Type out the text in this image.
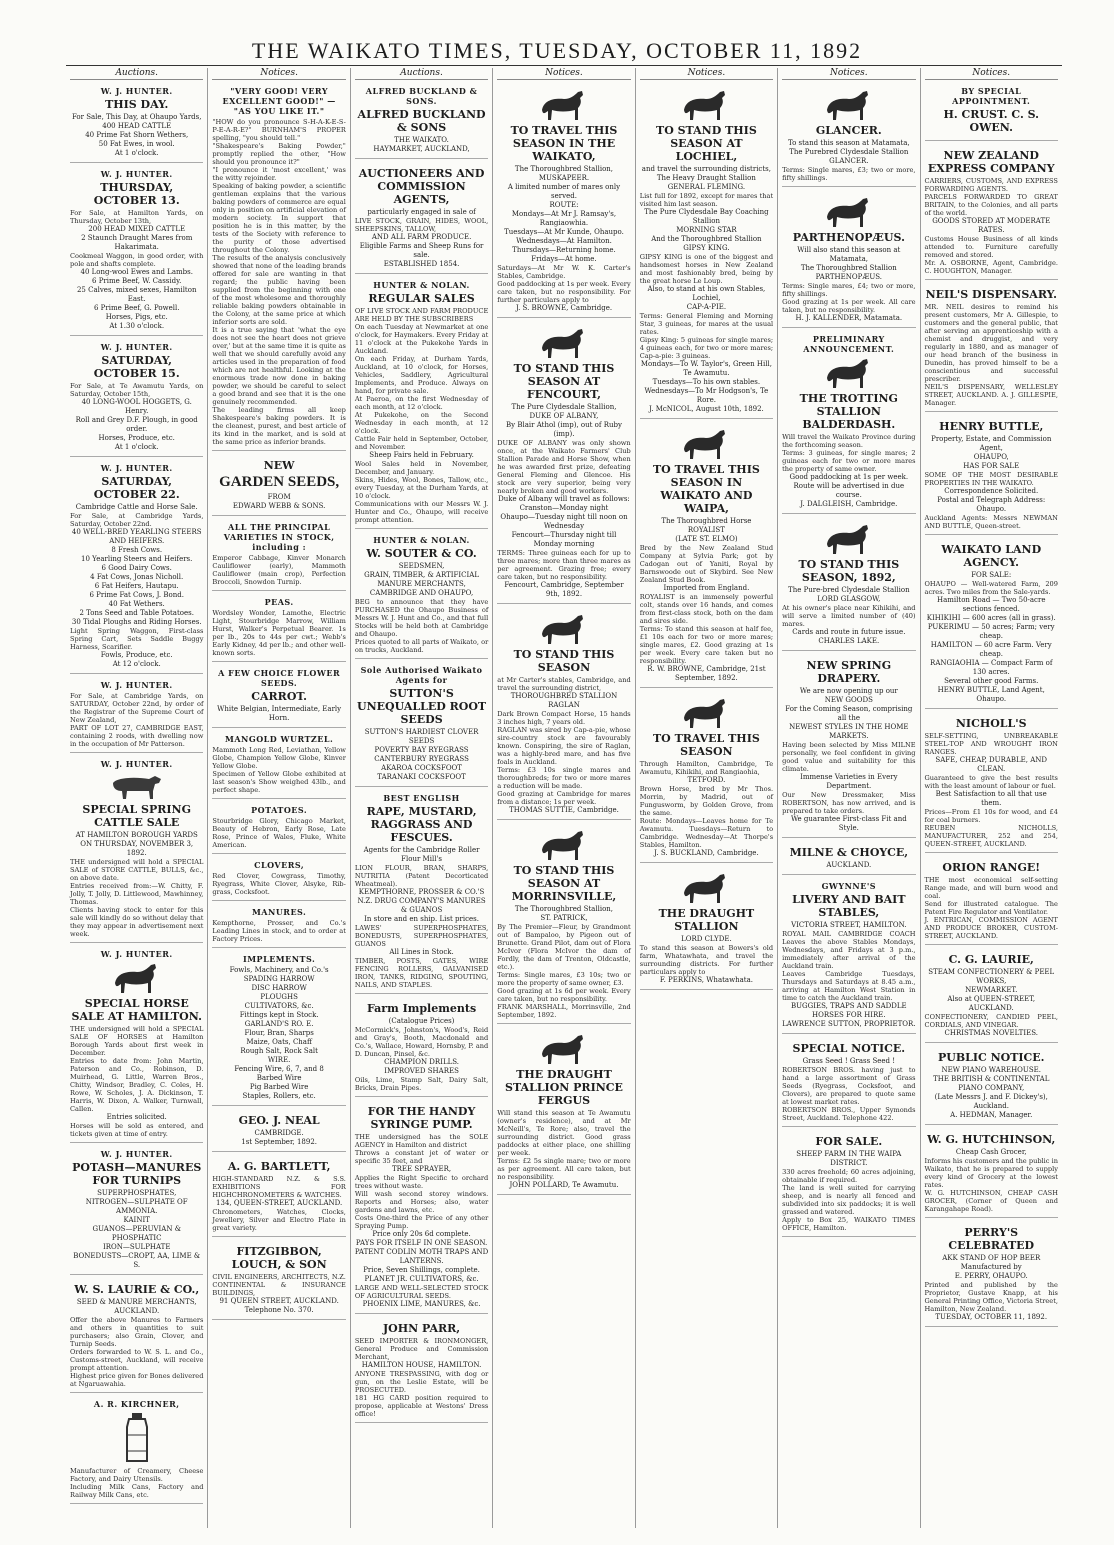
THE WAIKATO TIMES, TUESDAY, OCTOBER 11, 1892
Auctions.
W. J. HUNTER.
THIS DAY.
For Sale, This Day, at Ohaupo Yards,
400 HEAD CATTLE
40 Prime Fat Shorn Wethers,
50 Fat Ewes, in wool.
At 1 o'clock.
W. J. HUNTER.
THURSDAY, OCTOBER 13.
For Sale, at Hamilton Yards, on Thursday, October 13th,
200 HEAD MIXED CATTLE
2 Staunch Draught Mares from Hakarimata.
Cookmeal Waggon, in good order, with pole and shafts complete.
40 Long-wool Ewes and Lambs.
6 Prime Beef, W. Cassidy.
25 Calves, mixed sexes, Hamilton East.
6 Prime Beef, G. Powell.
Horses, Pigs, etc.
At 1.30 o'clock.
W. J. HUNTER.
SATURDAY, OCTOBER 15.
For Sale, at Te Awamutu Yards, on Saturday, October 15th,
40 LONG-WOOL HOGGETS, G. Henry.
Roll and Grey D.F. Plough, in good order.
Horses, Produce, etc.
At 1 o'clock.
W. J. HUNTER.
SATURDAY, OCTOBER 22.
Cambridge Cattle and Horse Sale.
For Sale, at Cambridge Yards, Saturday, October 22nd.
40 WELL-BRED YEARLING STEERS AND HEIFERS.
8 Fresh Cows.
10 Yearling Steers and Heifers.
6 Good Dairy Cows.
4 Fat Cows, Jonas Nicholl.
6 Fat Heifers, Hautapu.
6 Prime Fat Cows, J. Bond.
40 Fat Wethers.
2 Tons Seed and Table Potatoes.
30 Tidal Ploughs and Riding Horses.
Light Spring Waggon, First-class Spring Cart, Sets Saddle Buggy Harness, Scarifier.
Fowls, Produce, etc.
At 12 o'clock.
W. J. HUNTER.
For Sale, at Cambridge Yards, on SATURDAY, October 22nd, by order of the Registrar of the Supreme Court of New Zealand,
PART OF LOT 27, CAMBRIDGE EAST, containing 2 roods, with dwelling now in the occupation of Mr Patterson.
W. J. HUNTER.
SPECIAL SPRING CATTLE SALE
AT HAMILTON BOROUGH YARDS
ON THURSDAY, NOVEMBER 3, 1892.
THE undersigned will hold a SPECIAL SALE of STORE CATTLE, BULLS, &c., on above date.
Entries received from:—W. Chitty, F. Jolly, T. Jolly, D. Littlewood, Mawhinney, Thomas.
Clients having stock to enter for this sale will kindly do so without delay that they may appear in advertisement next week.
W. J. HUNTER.
SPECIAL HORSE SALE AT HAMILTON.
THE undersigned will hold a SPECIAL SALE OF HORSES at Hamilton Borough Yards about first week in December.
Entries to date from: John Martin, Paterson and Co., Robinson, D. Muirhead, G. Little, Warren Bros., Chitty, Windsor, Bradley, C. Coles, H. Rowe, W. Scholes, J. A. Dickinson, T. Harris, W. Dixon, A. Walker, Turnwall, Callen.
Entries solicited.
Horses will be sold as entered, and tickets given at time of entry.
W. J. HUNTER.
POTASH—MANURES FOR TURNIPS
SUPERPHOSPHATES,
NITROGEN—SULPHATE OF AMMONIA.
KAINIT
GUANOS—PERUVIAN & PHOSPHATIC
IRON—SULPHATE
BONEDUSTS—CROPT, AA, LIME & S.
W. S. LAURIE & CO.,
SEED & MANURE MERCHANTS, AUCKLAND.
Offer the above Manures to Farmers and others in quantities to suit purchasers; also Grain, Clover, and Turnip Seeds.
Orders forwarded to W. S. L. and Co., Customs-street, Auckland, will receive prompt attention.
Highest price given for Bones delivered at Ngaruawahia.
A. R. KIRCHNER,
Manufacturer of Creamery, Cheese Factory, and Dairy Utensils.
Including Milk Cans, Factory and Railway Milk Cans, etc.
Notices.
"VERY GOOD! VERY EXCELLENT GOOD!" — "AS YOU LIKE IT."
"HOW do you pronounce S-H-A-K-E-S-P-E-A-R-E?" BURNHAM'S PROPER spelling, "you should tell."
"Shakespeare's Baking Powder," promptly replied the other, "How should you pronounce it?"
"I pronounce it 'most excellent,' was the witty rejoinder.
Speaking of baking powder, a scientific gentleman explains that the various baking powders of commerce are equal only in position on artificial elevation of modern society. In support that position he is in this matter, by the tests of the Society with reference to the purity of those advertised throughout the Colony.
The results of the analysis conclusively showed that none of the leading brands offered for sale are wanting in that regard; the public having been supplied from the beginning with one of the most wholesome and thoroughly reliable baking powders obtainable in the Colony, at the same price at which inferior sorts are sold.
It is a true saying that 'what the eye does not see the heart does not grieve over,' but at the same time it is quite as well that we should carefully avoid any articles used in the preparation of food which are not healthful. Looking at the enormous trade now done in baking powder, we should be careful to select a good brand and see that it is the one genuinely recommended.
The leading firms all keep Shakespeare's baking powders. It is the cleanest, purest, and best article of its kind in the market, and is sold at the same price as inferior brands.
NEW
GARDEN SEEDS,
FROM
EDWARD WEBB & SONS.
ALL THE PRINCIPAL VARIETIES IN STOCK, including :
Emperor Cabbage, Kinver Monarch Cauliflower (early), Mammoth Cauliflower (main crop), Perfection Broccoli, Snowdon Turnip.
PEAS.
Wordsley Wonder, Lamothe, Electric Light, Stourbridge Marrow, William Hurst, Walker's Perpetual Bearer. 1s per lb., 20s to 44s per cwt.; Webb's Early Kidney, 4d per lb.; and other well-known sorts.
A FEW CHOICE FLOWER SEEDS.
CARROT.
White Belgian, Intermediate, Early Horn.
MANGOLD WURTZEL.
Mammoth Long Red, Leviathan, Yellow Globe, Champion Yellow Globe, Kinver Yellow Globe.
Specimen of Yellow Globe exhibited at last season's Show weighed 43lb., and perfect shape.
POTATOES.
Stourbridge Glory, Chicago Market, Beauty of Hebron, Early Rose, Late Rose, Prince of Wales, Fluke, White American.
CLOVERS,
Red Clover, Cowgrass, Timothy, Ryegrass, White Clover, Alsyke, Rib-grass, Cocksfoot.
MANURES.
Kempthorne, Prosser, and Co.'s Leading Lines in stock, and to order at Factory Prices.
IMPLEMENTS.
Fowls, Machinery, and Co.'s
SPADING HARROW
DISC HARROW
PLOUGHS
CULTIVATORS, &c.
Fittings kept in Stock.
GARLAND'S RO. E.
Flour, Bran, Sharps
Maize, Oats, Chaff
Rough Salt, Rock Salt
WIRE.
Fencing Wire, 6, 7, and 8
Barbed Wire
Pig Barbed Wire
Staples, Rollers, etc.
GEO. J. NEAL
CAMBRIDGE.
1st September, 1892.
A. G. BARTLETT,
HIGH-STANDARD N.Z. & S.S. EXHIBITIONS FOR HIGHCHRONOMETERS & WATCHES.
134, QUEEN-STREET, AUCKLAND.
Chronometers, Watches, Clocks, Jewellery, Silver and Electro Plate in great variety.
FITZGIBBON, LOUCH, & SON
CIVIL ENGINEERS, ARCHITECTS, N.Z. CONTINENTAL & INSURANCE BUILDINGS,
91 QUEEN STREET, AUCKLAND.
Telephone No. 370.
Auctions.
ALFRED BUCKLAND & SONS.
ALFRED BUCKLAND & SONS
THE WAIKATO.
HAYMARKET, AUCKLAND,
AUCTIONEERS AND COMMISSION AGENTS,
particularly engaged in sale of
LIVE STOCK, GRAIN, HIDES, WOOL, SHEEPSKINS, TALLOW,
AND ALL FARM PRODUCE.
Eligible Farms and Sheep Runs for sale.
ESTABLISHED 1854.
HUNTER & NOLAN.
REGULAR SALES
OF LIVE STOCK AND FARM PRODUCE ARE HELD BY THE SUBSCRIBERS
On each Tuesday at Newmarket at one o'clock, for Haymakers. Every Friday at 11 o'clock at the Pukekohe Yards in Auckland.
On each Friday, at Durham Yards, Auckland, at 10 o'clock, for Horses, Vehicles, Saddlery, Agricultural Implements, and Produce. Always on hand, for private sale.
At Paeroa, on the first Wednesday of each month, at 12 o'clock.
At Pukekohe, on the Second Wednesday in each month, at 12 o'clock.
Cattle Fair held in September, October, and November.
Sheep Fairs held in February.
Wool Sales held in November, December, and January.
Skins, Hides, Wool, Bones, Tallow, etc., every Tuesday, at the Durham Yards, at 10 o'clock.
Communications with our Messrs W. J. Hunter and Co., Ohaupo, will receive prompt attention.
HUNTER & NOLAN.
W. SOUTER & CO.
SEEDSMEN,
GRAIN, TIMBER, & ARTIFICIAL MANURE MERCHANTS,
CAMBRIDGE AND OHAUPO,
BEG to announce that they have PURCHASED the Ohaupo Business of Messrs W. J. Hunt and Co., and that full Stocks will be held both at Cambridge and Ohaupo.
Prices quoted to all parts of Waikato, or on trucks, Auckland.
Sole Authorised Waikato Agents for
SUTTON'S UNEQUALLED ROOT SEEDS
SUTTON'S HARDIEST CLOVER SEEDS
POVERTY BAY RYEGRASS
CANTERBURY RYEGRASS
AKAROA COCKSFOOT
TARANAKI COCKSFOOT
BEST ENGLISH
RAPE, MUSTARD, RAGGRASS AND FESCUES.
Agents for the Cambridge Roller Flour Mill's
LION FLOUR, BRAN, SHARPS, NUTRITIA (Patent Decorticated Wheatmeal).
KEMPTHORNE, PROSSER & CO.'S
N.Z. DRUG COMPANY'S MANURES & GUANOS
In store and en ship. List prices.
LAWES' SUPERPHOSPHATES, BONEDUSTS, SUPERPHOSPHATES, GUANOS
All Lines in Stock.
TIMBER, POSTS, GATES, WIRE FENCING ROLLERS, GALVANISED IRON, TANKS, RIDGING, SPOUTING, NAILS, AND STAPLES.
Farm Implements
(Catalogue Prices)
McCormick's, Johnston's, Wood's, Reid and Gray's, Booth, Macdonald and Co.'s, Wallace, Howard, Hornsby, P. and D. Duncan, Pinsel, &c.
CHAMPION DRILLS.
IMPROVED SHARES
Oils, Lime, Stamp Salt, Dairy Salt, Bricks, Drain Pipes.
FOR THE HANDY SYRINGE PUMP.
THE undersigned has the SOLE AGENCY in Hamilton and district
Throws a constant jet of water or specific 35 feet, and
TREE SPRAYER,
Applies the Right Specific to orchard trees without waste.
Will wash second storey windows. Reports and Horses; also, water gardens and lawns, etc.
Costs One-third the Price of any other Spraying Pump.
Price only 20s 6d complete.
PAYS FOR ITSELF IN ONE SEASON.
PATENT CODLIN MOTH TRAPS AND LANTERNS.
Price, Seven Shillings, complete.
PLANET JR. CULTIVATORS, &c.
LARGE AND WELL-SELECTED STOCK OF AGRICULTURAL SEEDS.
PHOENIX LIME, MANURES, &c.
JOHN PARR,
SEED IMPORTER & IRONMONGER, General Produce and Commission Merchant,
HAMILTON HOUSE, HAMILTON.
ANYONE TRESPASSING, with dog or gun, on the Leslie Estate, will be PROSECUTED.
181 HG CARD position required to propose, applicable at Westons' Dress office!
Notices.
TO TRAVEL THIS SEASON IN THE WAIKATO,
The Thoroughbred Stallion,
MUSKAPEER.
A limited number of mares only served.
ROUTE:
Mondays—At Mr J. Ramsay's, Rangiaowhia.
Tuesdays—At Mr Kunde, Ohaupo.
Wednesdays—At Hamilton.
Thursdays—Returning home.
Fridays—At home.
Saturdays—At Mr W. K. Carter's Stables, Cambridge.
Good paddocking at 1s per week. Every care taken, but no responsibility. For further particulars apply to
J. S. BROWNE, Cambridge.
TO STAND THIS SEASON AT FENCOURT,
The Pure Clydesdale Stallion,
DUKE OF ALBANY,
By Blair Athol (imp), out of Ruby (imp).
DUKE OF ALBANY was only shown once, at the Waikato Farmers' Club Stallion Parade and Horse Show, when he was awarded first prize, defeating General Fleming and Glencoe. His stock are very superior, being very nearly broken and good workers.
Duke of Albany will travel as follows:
Cranston—Monday night
Ohaupo—Tuesday night till noon on Wednesday
Fencourt—Thursday night till Monday morning
TERMS: Three guineas each for up to three mares; more than three mares as per agreement. Grazing free; every care taken, but no responsibility.
Fencourt, Cambridge, September 9th, 1892.
TO STAND THIS SEASON
at Mr Carter's stables, Cambridge, and travel the surrounding district,
THOROUGHBRED STALLION
RAGLAN
Dark Brown Compact Horse, 15 hands 3 inches high, 7 years old.
RAGLAN was sired by Cap-a-pie, whose sire-country stock are favourably known. Conspiring, the sire of Raglan, was a highly-bred mare, and has five foals in Auckland.
Terms: £3 10s single mares and thoroughbreds; for two or more mares a reduction will be made.
Good grazing at Cambridge for mares from a distance; 1s per week.
THOMAS SUTTIE, Cambridge.
TO STAND THIS SEASON AT MORRINSVILLE,
The Thoroughbred Stallion,
ST. PATRICK,
By The Premier—Fleur, by Grandmont out of Bampaloo, by Pigeon out of Brunette. Grand Pilot, dam out of Flora McIvor (Flora McIvor the dam of Fordly, the dam of Trenton, Oldcastle, etc.).
Terms: Single mares, £3 10s; two or more the property of same owner, £3.
Good grazing at 1s 6d per week. Every care taken, but no responsibility.
FRANK MARSHALL, Morrinsville, 2nd September, 1892.
THE DRAUGHT STALLION PRINCE FERGUS
Will stand this season at Te Awamutu (owner's residence), and at Mr McNeill's, Te Rore; also, travel the surrounding district. Good grass paddocks at either place, one shilling per week.
Terms: £2 5s single mare; two or more as per agreement. All care taken, but no responsibility.
JOHN POLLARD, Te Awamutu.
Notices.
TO STAND THIS SEASON AT LOCHIEL,
and travel the surrounding districts,
The Heavy Draught Stallion
GENERAL FLEMING.
List full for 1892, except for mares that visited him last season.
The Pure Clydesdale Bay Coaching Stallion
MORNING STAR
And the Thoroughbred Stallion
GIPSY KING.
GIPSY KING is one of the biggest and handsomest horses in New Zealand and most fashionably bred, being by the great horse Le Loup.
Also, to stand at his own Stables, Lochiel,
CAP-A-PIE.
Terms: General Fleming and Morning Star, 3 guineas, for mares at the usual rates.
Gipsy King: 5 guineas for single mares; 4 guineas each, for two or more mares; Cap-a-pie: 3 guineas.
Mondays—To W. Taylor's, Green Hill, Te Awamutu.
Tuesdays—To his own stables.
Wednesdays—To Mr Hodgson's, Te Rore.
J. McNICOL, August 10th, 1892.
TO TRAVEL THIS SEASON IN WAIKATO AND WAIPA,
The Thoroughbred Horse
ROYALIST
(LATE ST. ELMO)
Bred by the New Zealand Stud Company at Sylvia Park; got by Cadogan out of Yaniti, Royal by Barnswoode out of Skybird. See New Zealand Stud Book.
Imported from England.
ROYALIST is an immensely powerful colt, stands over 16 hands, and comes from first-class stock, both on the dam and sires side.
Terms: To stand this season at half fee, £1 10s each for two or more mares; single mares, £2. Good grazing at 1s per week. Every care taken but no responsibility.
R. W. BROWNE, Cambridge, 21st September, 1892.
TO TRAVEL THIS SEASON
Through Hamilton, Cambridge, Te Awamutu, Kihikihi, and Rangiaohia,
TETFORD.
Brown Horse, bred by Mr Thos. Morrin, by Madrid, out of Fungusworm, by Golden Grove, from the same.
Route: Mondays—Leaves home for Te Awamutu. Tuesdays—Return to Cambridge. Wednesday—At Thorpe's Stables, Hamilton.
J. S. BUCKLAND, Cambridge.
THE DRAUGHT STALLION
LORD CLYDE.
To stand this season at Bowers's old farm, Whatawhata, and travel the surrounding districts. For further particulars apply to
F. PERKINS, Whatawhata.
Notices.
GLANCER.
To stand this season at Matamata,
The Purebred Clydesdale Stallion
GLANCER.
Terms: Single mares, £3; two or more, fifty shillings.
PARTHENOPÆUS.
Will also stand this season at Matamata,
The Thoroughbred Stallion
PARTHENOPÆUS.
Terms: Single mares, £4; two or more, fifty shillings.
Good grazing at 1s per week. All care taken, but no responsibility.
H. J. KALLENDER, Matamata.
PRELIMINARY ANNOUNCEMENT.
THE TROTTING STALLION BALDERDASH.
Will travel the Waikato Province during the forthcoming season.
Terms: 3 guineas, for single mares; 2 guineas each for two or more mares the property of same owner.
Good paddocking at 1s per week.
Route will be advertised in due course.
J. DALGLEISH, Cambridge.
TO STAND THIS SEASON, 1892,
The Pure-bred Clydesdale Stallion
LORD GLASGOW,
At his owner's place near Kihikihi, and will serve a limited number of (40) mares.
Cards and route in future issue.
CHARLES LAKE.
NEW SPRING DRAPERY.
We are now opening up our
NEW GOODS
For the Coming Season, comprising all the
NEWEST STYLES IN THE HOME MARKETS.
Having been selected by Miss MILNE personally, we feel confident in giving good value and suitability for this climate.
Immense Varieties in Every Department.
Our New Dressmaker, Miss ROBERTSON, has now arrived, and is prepared to take orders.
We guarantee First-class Fit and Style.
MILNE & CHOYCE,
AUCKLAND.
GWYNNE'S
LIVERY AND BAIT STABLES,
VICTORIA STREET, HAMILTON.
ROYAL MAIL CAMBRIDGE COACH Leaves the above Stables Mondays, Wednesdays, and Fridays at 3 p.m., immediately after arrival of the Auckland train.
Leaves Cambridge Tuesdays, Thursdays and Saturdays at 8.45 a.m., arriving at Hamilton West Station in time to catch the Auckland train.
BUGGIES, TRAPS AND SADDLE HORSES FOR HIRE.
LAWRENCE SUTTON, PROPRIETOR.
SPECIAL NOTICE.
Grass Seed ! Grass Seed !
ROBERTSON BROS. having just to hand a large assortment of Grass Seeds (Ryegrass, Cocksfoot, and Clovers), are prepared to quote same at lowest market rates.
ROBERTSON BROS., Upper Symonds Street, Auckland. Telephone 422.
FOR SALE.
SHEEP FARM IN THE WAIPA DISTRICT.
330 acres freehold; 60 acres adjoining, obtainable if required.
The land is well suited for carrying sheep, and is nearly all fenced and subdivided into six paddocks; it is well grassed and watered.
Apply to Box 25, WAIKATO TIMES OFFICE, Hamilton.
Notices.
BY SPECIAL APPOINTMENT.
H. CRUST. C. S. OWEN.
NEW ZEALAND EXPRESS COMPANY
CARRIERS, CUSTOMS, AND EXPRESS FORWARDING AGENTS.
PARCELS FORWARDED TO GREAT BRITAIN, to the Colonies, and all parts of the world.
GOODS STORED AT MODERATE RATES.
Customs House Business of all kinds attended to. Furniture carefully removed and stored.
Mr. A. OSBORNE, Agent, Cambridge. C. HOUGHTON, Manager.
NEIL'S DISPENSARY.
MR. NEIL desires to remind his present customers, Mr A. Gillespie, to customers and the general public, that after serving an apprenticeship with a chemist and druggist, and very regularly in 1880, and as manager of our head branch of the business in Dunedin, has proved himself to be a conscientious and successful prescriber.
NEIL'S DISPENSARY, WELLESLEY STREET, AUCKLAND. A. J. GILLESPIE, Manager.
HENRY BUTTLE,
Property, Estate, and Commission Agent,
OHAUPO,
HAS FOR SALE
SOME OF THE MOST DESIRABLE PROPERTIES IN THE WAIKATO.
Correspondence Solicited.
Postal and Telegraph Address: Ohaupo.
Auckland Agents: Messrs NEWMAN AND BUTTLE, Queen-street.
WAIKATO LAND AGENCY.
FOR SALE:
OHAUPO — Well-watered Farm, 209 acres. Two miles from the Sale-yards.
Hamilton Road — Two 50-acre sections fenced.
KIHIKIHI — 600 acres (all in grass).
PUKERIMU — 50 acres; Farm; very cheap.
HAMILTON — 60 acre Farm. Very cheap.
RANGIAOHIA — Compact Farm of 130 acres.
Several other good Farms.
HENRY BUTTLE, Land Agent, Ohaupo.
NICHOLL'S
SELF-SETTING, UNBREAKABLE STEEL-TOP AND WROUGHT IRON RANGES.
SAFE, CHEAP, DURABLE, AND CLEAN.
Guaranteed to give the best results with the least amount of labour or fuel.
Best Satisfaction to all that use them.
Prices—From £1 10s for wood, and £4 for coal burners.
REUBEN NICHOLLS, MANUFACTURER, 252 and 254, QUEEN-STREET, AUCKLAND.
ORION RANGE!
THE most economical self-setting Range made, and will burn wood and coal.
Send for illustrated catalogue. The Patent Fire Regulator and Ventilator.
J. ENTRICAN, COMMISSION AGENT AND PRODUCE BROKER, CUSTOM-STREET, AUCKLAND.
C. G. LAURIE,
STEAM CONFECTIONERY & PEEL WORKS,
NEWMARKET.
Also at QUEEN-STREET, AUCKLAND.
CONFECTIONERY, CANDIED PEEL, CORDIALS, AND VINEGAR.
CHRISTMAS NOVELTIES.
PUBLIC NOTICE.
NEW PIANO WAREHOUSE.
THE BRITISH & CONTINENTAL PIANO COMPANY,
(Late Messrs J. and F. Dickey's), Auckland.
A. HEDMAN, Manager.
W. G. HUTCHINSON,
Cheap Cash Grocer,
Informs his customers and the public in Waikato, that he is prepared to supply every kind of Grocery at the lowest rates.
W. G. HUTCHINSON, CHEAP CASH GROCER, (Corner of Queen and Karangahape Road).
PERRY'S CELEBRATED
AKK STAND OF HOP BEER
Manufactured by
E. PERRY, OHAUPO.
Printed and published by the Proprietor, Gustave Knapp, at his General Printing Office, Victoria Street, Hamilton, New Zealand.
TUESDAY, OCTOBER 11, 1892.
